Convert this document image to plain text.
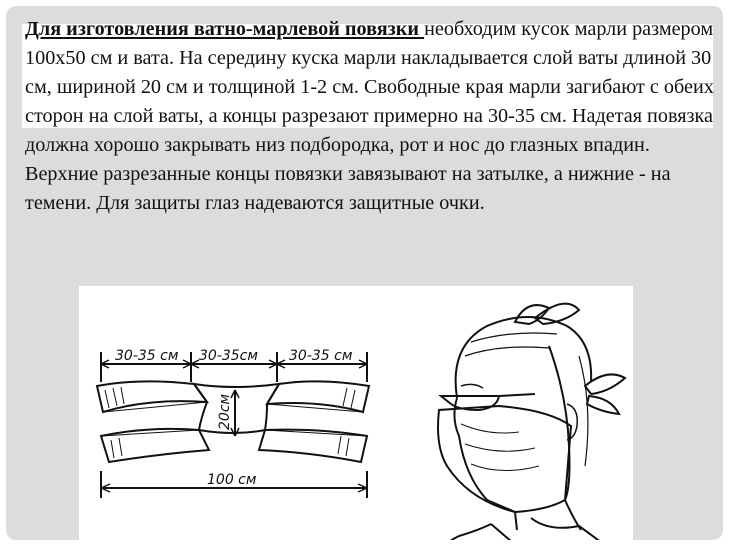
Для изготовления ватно-марлевой повязки необходим кусок марли размером 100х50 см и вата. На середину куска марли накладывается слой ваты длиной 30 см, шириной 20 см и толщиной 1-2 см. Свободные края марли загибают с обеих сторон на слой ваты, а концы разрезают примерно на 30-35 см. Надетая повязка должна хорошо закрывать низ подбородка, рот и нос до глазных впадин. Верхние разрезанные концы повязки завязывают на затылке, а нижние - на темени. Для защиты глаз надеваются защитные очки.

30-35 см 30-35см 30-35 см
20см
100 см
